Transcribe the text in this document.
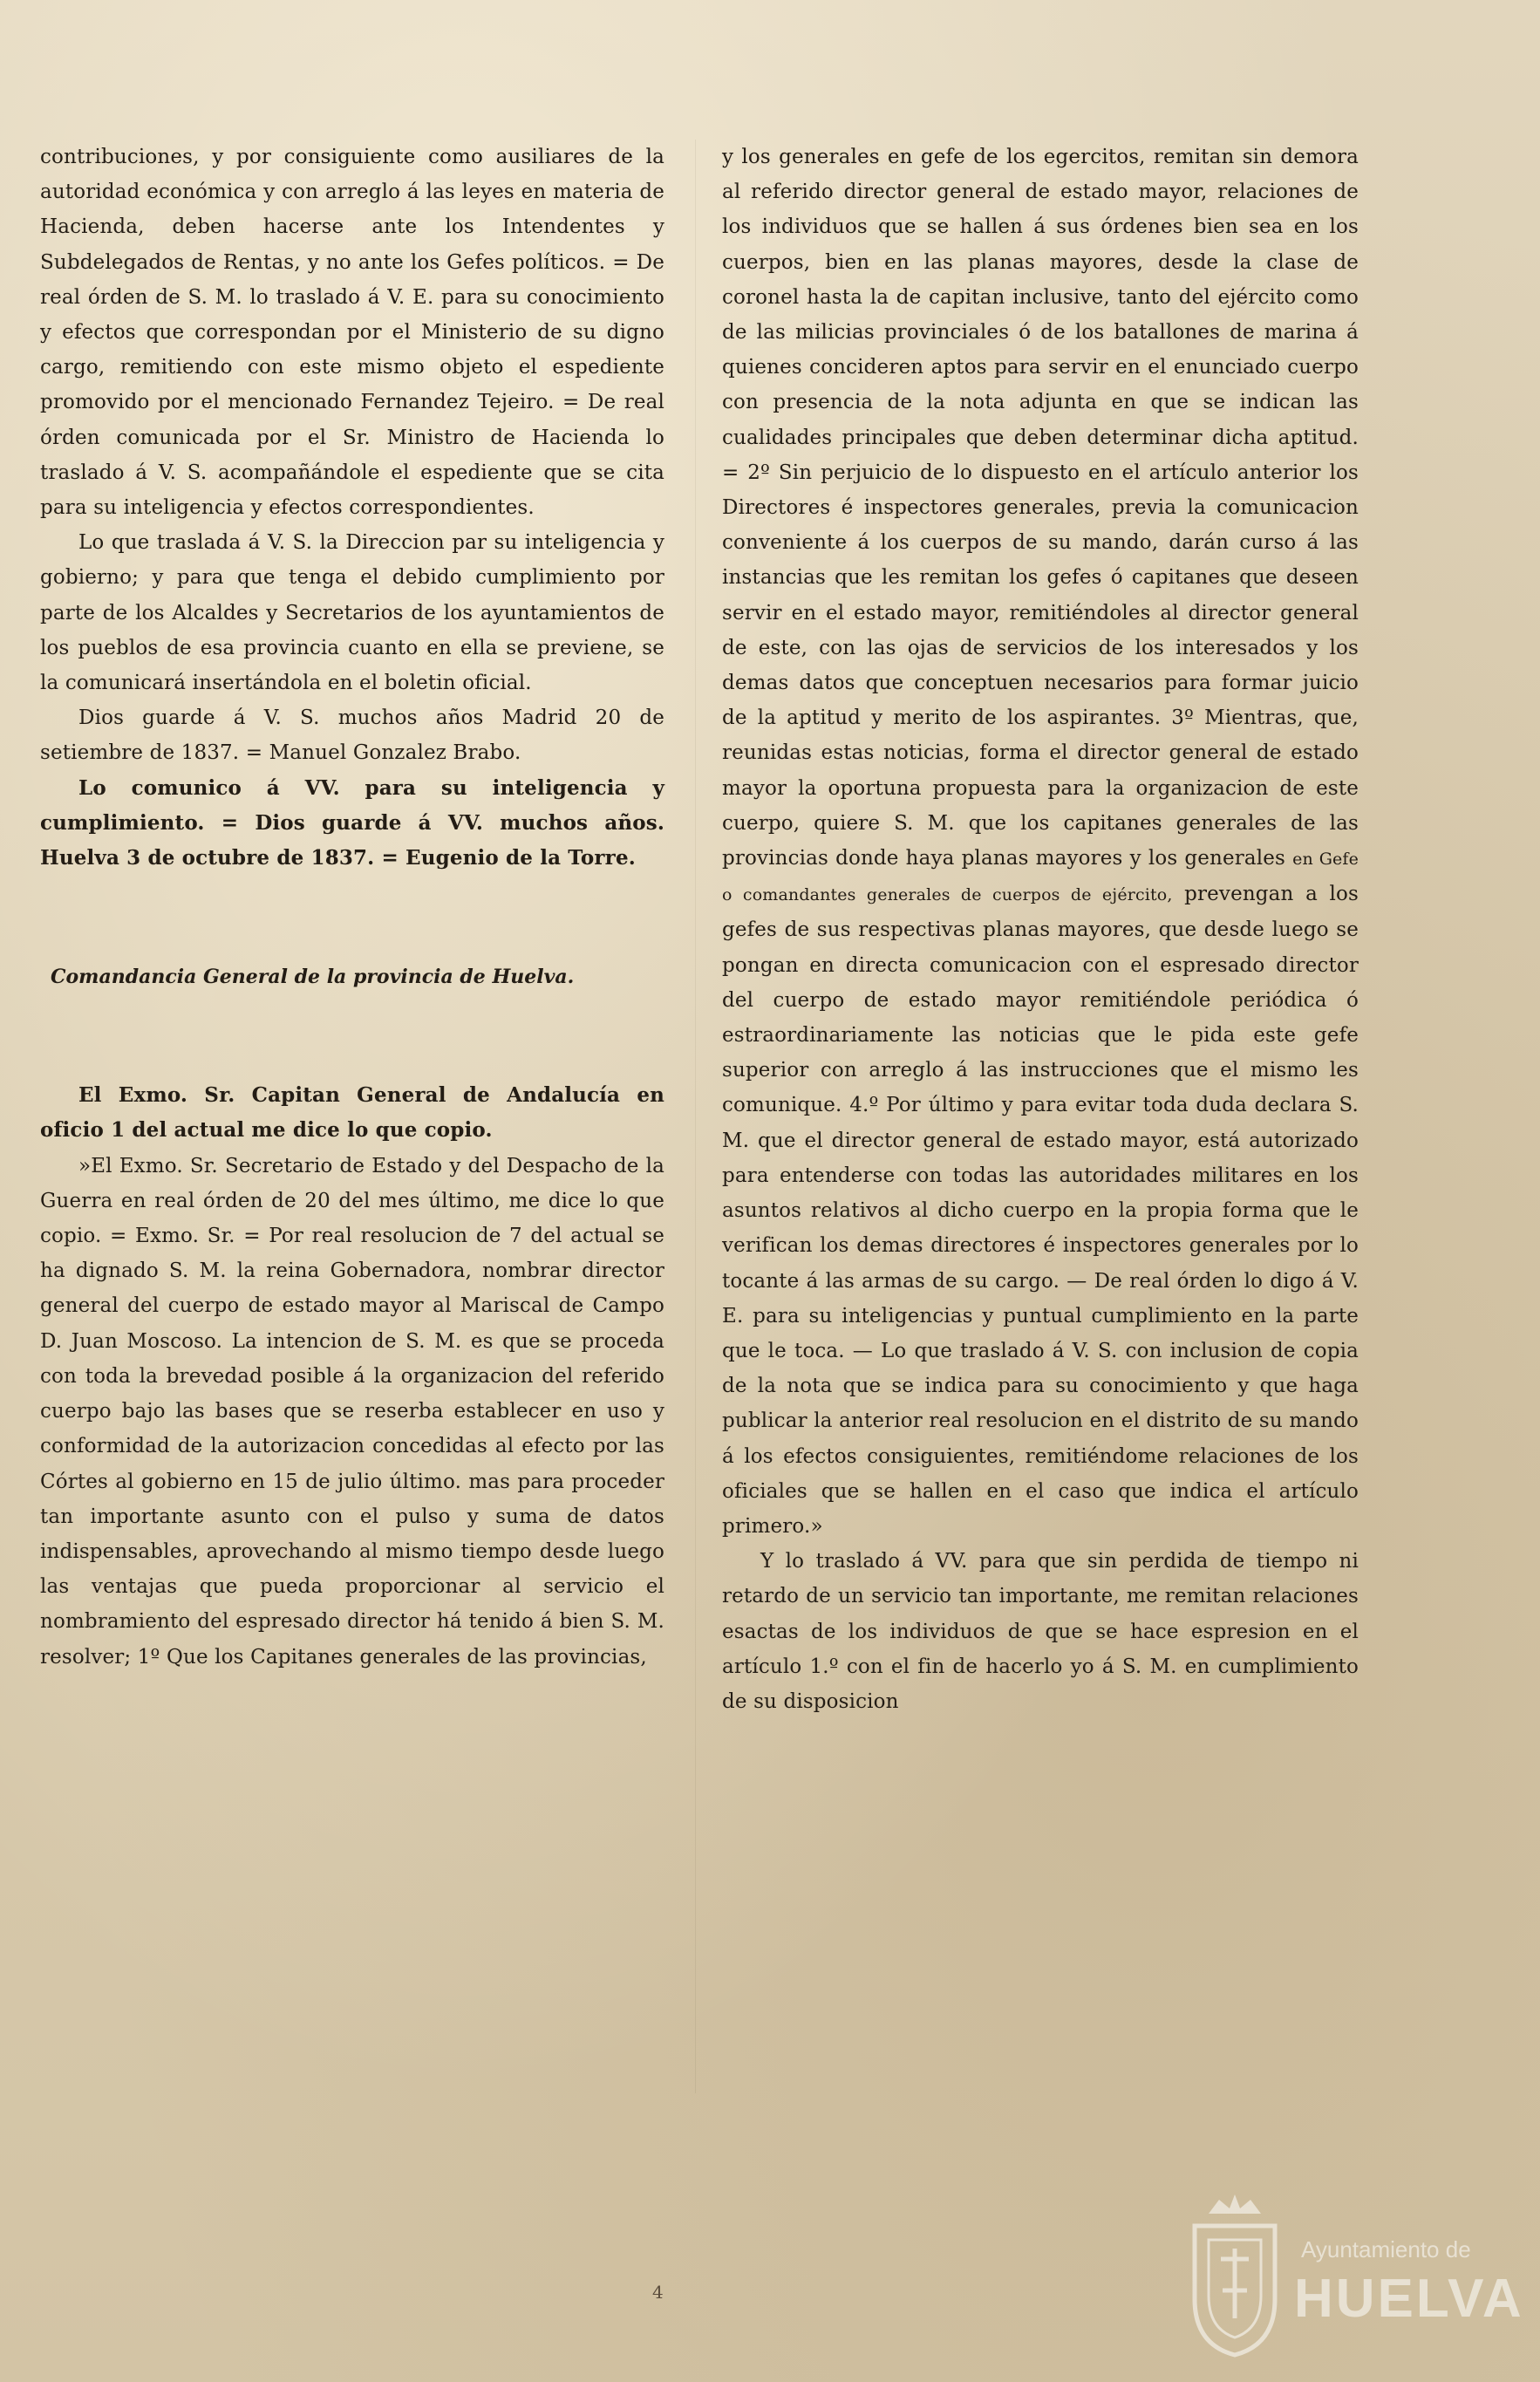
contribuciones, y por consiguiente como ausiliares de la autoridad económica y con arreglo á las leyes en materia de Hacienda, deben hacerse ante los Intendentes y Subdelegados de Rentas, y no ante los Gefes políticos. = De real órden de S. M. lo traslado á V. E. para su conocimiento y efectos que correspondan por el Ministerio de su digno cargo, remitiendo con este mismo objeto el espediente promovido por el mencionado Fernandez Tejeiro. = De real órden comunicada por el Sr. Ministro de Hacienda lo traslado á V. S. acompañándole el espediente que se cita para su inteligencia y efectos correspondientes.

Lo que traslada á V. S. la Direccion par su inteligencia y gobierno; y para que tenga el debido cumplimiento por parte de los Alcaldes y Secretarios de los ayuntamientos de los pueblos de esa provincia cuanto en ella se previene, se la comunicará insertándola en el boletin oficial.

Dios guarde á V. S. muchos años Madrid 20 de setiembre de 1837. = Manuel Gonzalez Brabo.

Lo comunico á VV. para su inteligencia y cumplimiento. = Dios guarde á VV. muchos años. Huelva 3 de octubre de 1837. = Eugenio de la Torre.

Comandancia General de la provincia de Huelva.

El Exmo. Sr. Capitan General de Andalucía en oficio 1 del actual me dice lo que copio.

»El Exmo. Sr. Secretario de Estado y del Despacho de la Guerra en real órden de 20 del mes último, me dice lo que copio. = Exmo. Sr. = Por real resolucion de 7 del actual se ha dignado S. M. la reina Gobernadora, nombrar director general del cuerpo de estado mayor al Mariscal de Campo D. Juan Moscoso. La intencion de S. M. es que se proceda con toda la brevedad posible á la organizacion del referido cuerpo bajo las bases que se reserba establecer en uso y conformidad de la autorizacion concedidas al efecto por las Córtes al gobierno en 15 de julio último. mas para proceder tan importante asunto con el pulso y suma de datos indispensables, aprovechando al mismo tiempo desde luego las ventajas que pueda proporcionar al servicio el nombramiento del espresado director há tenido á bien S. M. resolver; 1º Que los Capitanes generales de las provincias,

y los generales en gefe de los egercitos, remitan sin demora al referido director general de estado mayor, relaciones de los individuos que se hallen á sus órdenes bien sea en los cuerpos, bien en las planas mayores, desde la clase de coronel hasta la de capitan inclusive, tanto del ejército como de las milicias provinciales ó de los batallones de marina á quienes concideren aptos para servir en el enunciado cuerpo con presencia de la nota adjunta en que se indican las cualidades principales que deben determinar dicha aptitud. = 2º Sin perjuicio de lo dispuesto en el artículo anterior los Directores é inspectores generales, previa la comunicacion conveniente á los cuerpos de su mando, darán curso á las instancias que les remitan los gefes ó capitanes que deseen servir en el estado mayor, remitiéndoles al director general de este, con las ojas de servicios de los interesados y los demas datos que conceptuen necesarios para formar juicio de la aptitud y merito de los aspirantes. 3º Mientras, que, reunidas estas noticias, forma el director general de estado mayor la oportuna propuesta para la organizacion de este cuerpo, quiere S. M. que los capitanes generales de las provincias donde haya planas mayores y los generales en Gefe o comandantes generales de cuerpos de ejército, prevengan a los gefes de sus respectivas planas mayores, que desde luego se pongan en directa comunicacion con el espresado director del cuerpo de estado mayor remitiéndole periódica ó estraordinariamente las noticias que le pida este gefe superior con arreglo á las instrucciones que el mismo les comunique. 4.º Por último y para evitar toda duda declara S. M. que el director general de estado mayor, está autorizado para entenderse con todas las autoridades militares en los asuntos relativos al dicho cuerpo en la propia forma que le verifican los demas directores é inspectores generales por lo tocante á las armas de su cargo. — De real órden lo digo á V. E. para su inteligencias y puntual cumplimiento en la parte que le toca. — Lo que traslado á V. S. con inclusion de copia de la nota que se indica para su conocimiento y que haga publicar la anterior real resolucion en el distrito de su mando á los efectos consiguientes, remitiéndome relaciones de los oficiales que se hallen en el caso que indica el artículo primero.»

Y lo traslado á VV. para que sin perdida de tiempo ni retardo de un servicio tan importante, me remitan relaciones esactas de los individuos de que se hace espresion en el artículo 1.º con el fin de hacerlo yo á S. M. en cumplimiento de su disposicion

4
Ayuntamiento de
HUELVA
